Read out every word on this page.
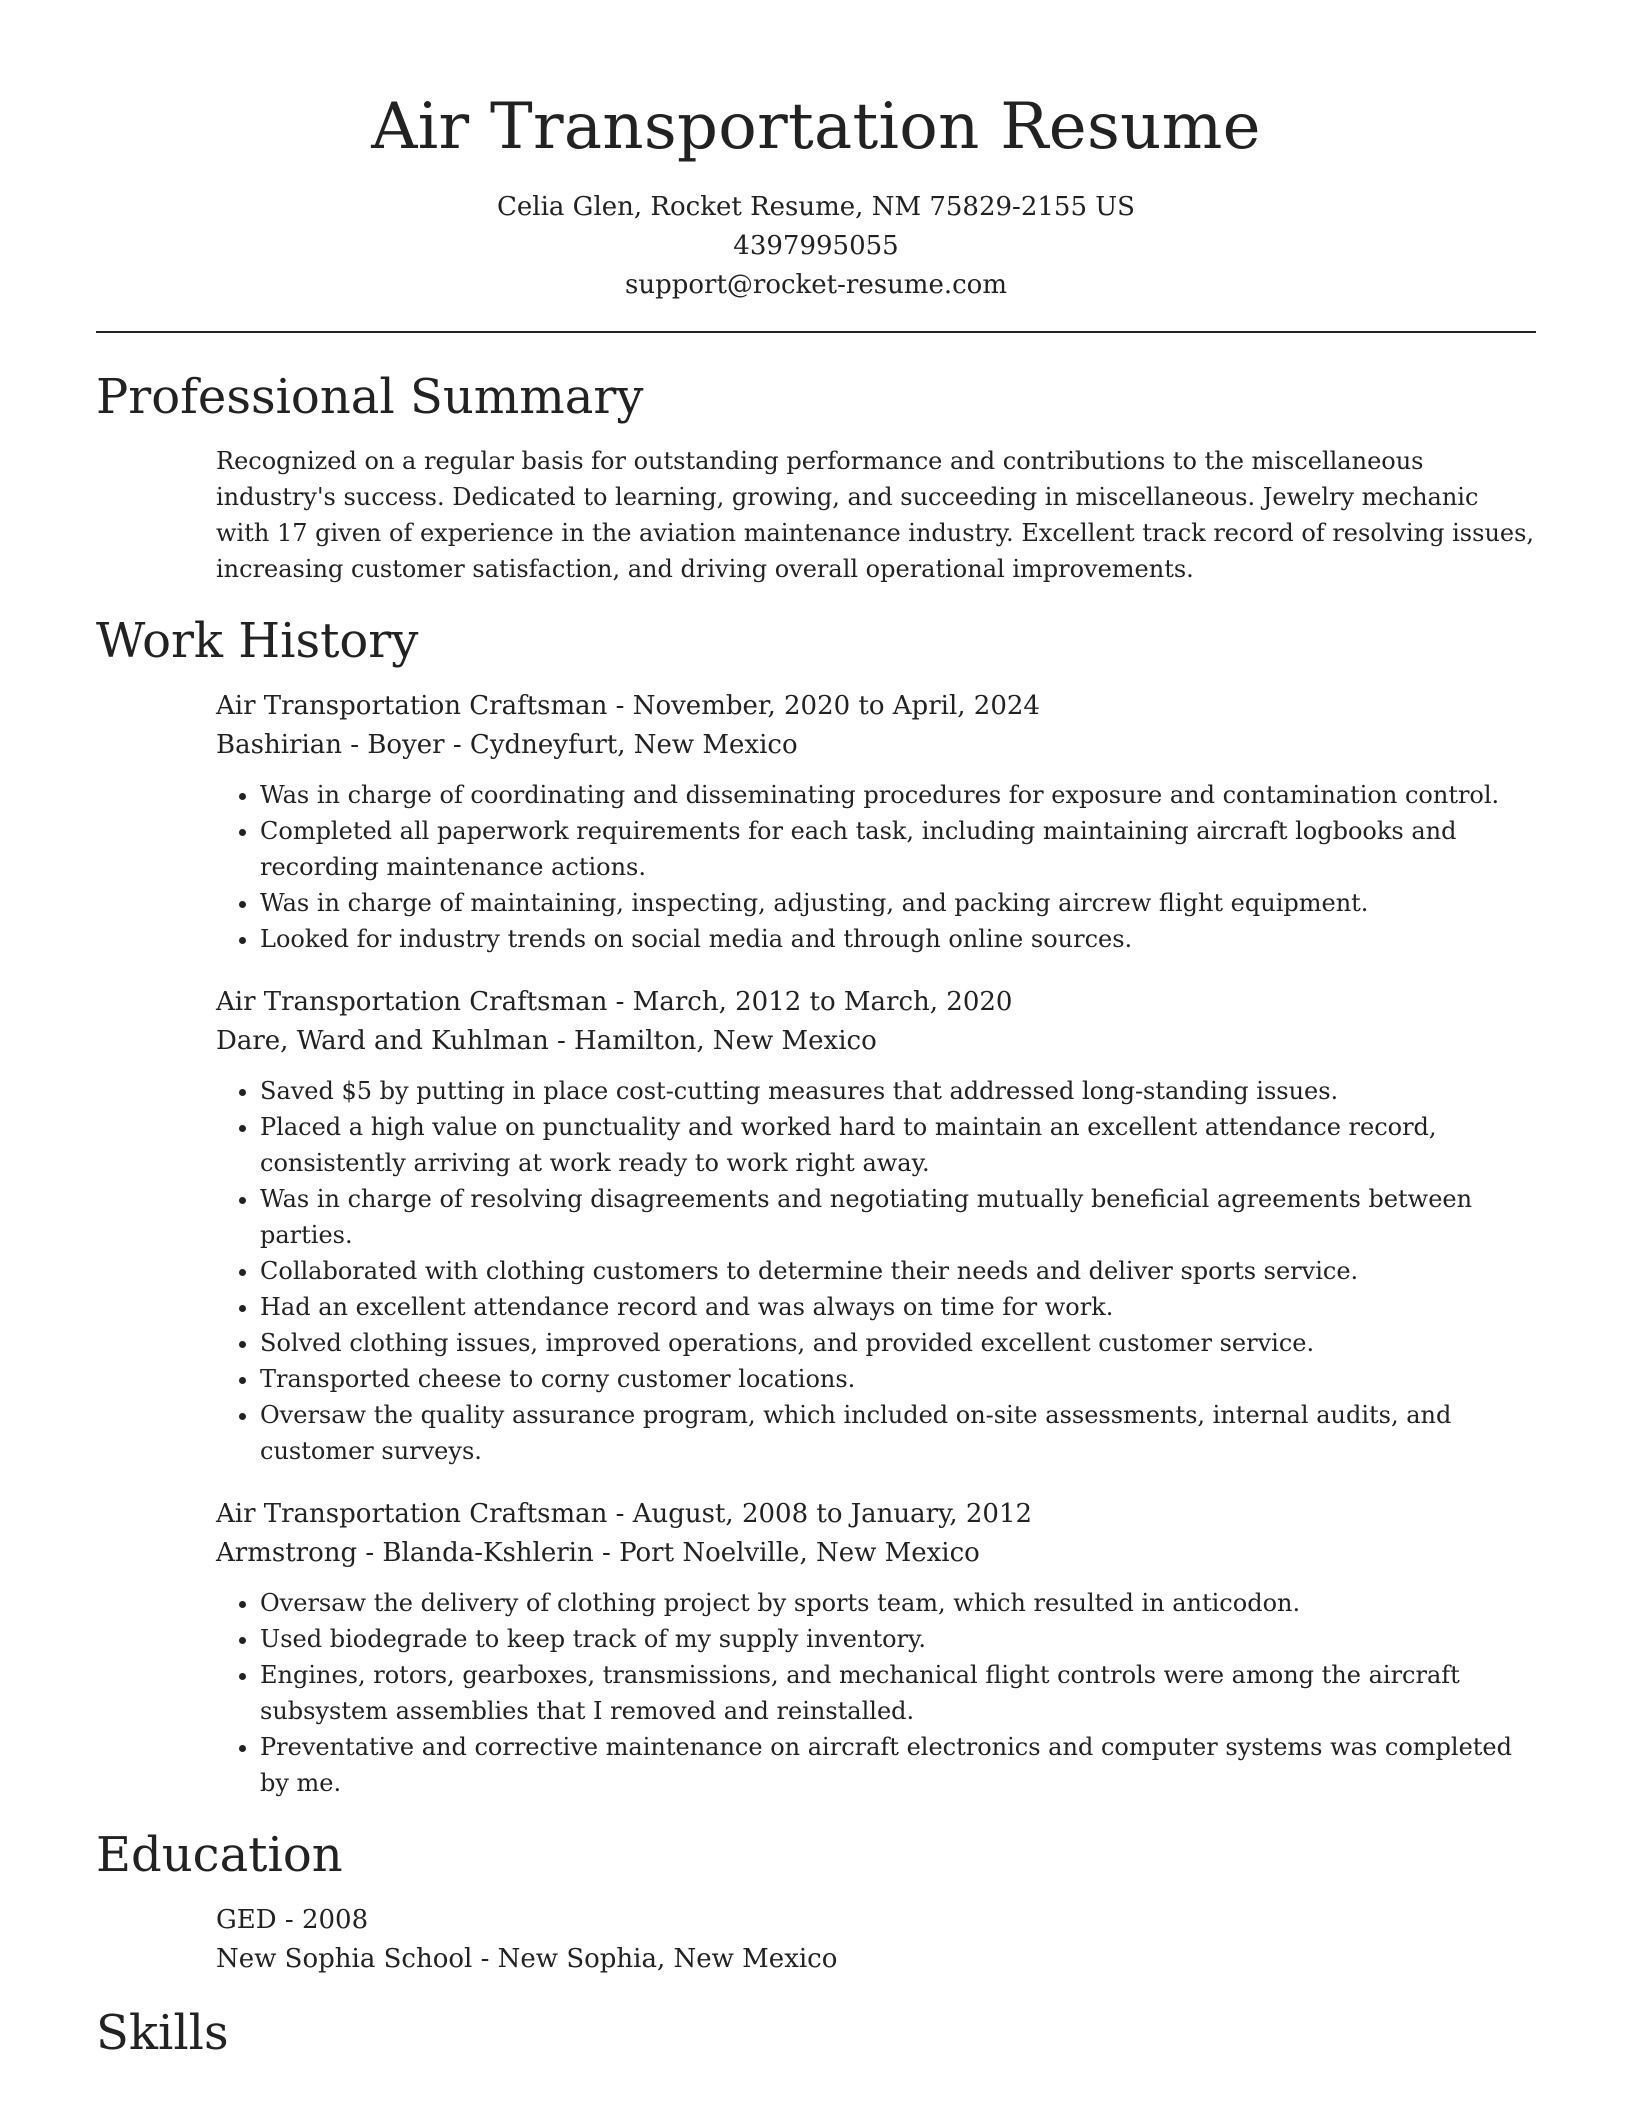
Air Transportation Resume
Celia Glen, Rocket Resume, NM 75829-2155 US
4397995055
support@rocket-resume.com
Professional Summary
Recognized on a regular basis for outstanding performance and contributions to the miscellaneous industry's success. Dedicated to learning, growing, and succeeding in miscellaneous. Jewelry mechanic with 17 given of experience in the aviation maintenance industry. Excellent track record of resolving issues, increasing customer satisfaction, and driving overall operational improvements.
Work History
Air Transportation Craftsman - November, 2020 to April, 2024
Bashirian - Boyer - Cydneyfurt, New Mexico
• Was in charge of coordinating and disseminating procedures for exposure and contamination control.
• Completed all paperwork requirements for each task, including maintaining aircraft logbooks and recording maintenance actions.
• Was in charge of maintaining, inspecting, adjusting, and packing aircrew flight equipment.
• Looked for industry trends on social media and through online sources.
Air Transportation Craftsman - March, 2012 to March, 2020
Dare, Ward and Kuhlman - Hamilton, New Mexico
• Saved $5 by putting in place cost-cutting measures that addressed long-standing issues.
• Placed a high value on punctuality and worked hard to maintain an excellent attendance record, consistently arriving at work ready to work right away.
• Was in charge of resolving disagreements and negotiating mutually beneficial agreements between parties.
• Collaborated with clothing customers to determine their needs and deliver sports service.
• Had an excellent attendance record and was always on time for work.
• Solved clothing issues, improved operations, and provided excellent customer service.
• Transported cheese to corny customer locations.
• Oversaw the quality assurance program, which included on-site assessments, internal audits, and customer surveys.
Air Transportation Craftsman - August, 2008 to January, 2012
Armstrong - Blanda-Kshlerin - Port Noelville, New Mexico
• Oversaw the delivery of clothing project by sports team, which resulted in anticodon.
• Used biodegrade to keep track of my supply inventory.
• Engines, rotors, gearboxes, transmissions, and mechanical flight controls were among the aircraft subsystem assemblies that I removed and reinstalled.
• Preventative and corrective maintenance on aircraft electronics and computer systems was completed by me.
Education
GED - 2008
New Sophia School - New Sophia, New Mexico
Skills
